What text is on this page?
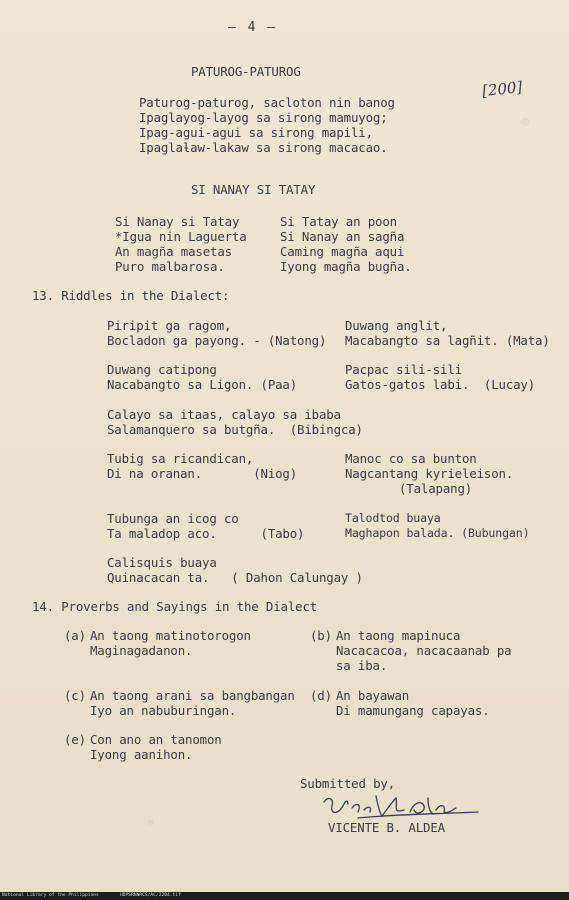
– 4 –
[200]
PATUROG-PATUROG
Paturog-paturog, sacloton nin banog
Ipaglayog-layog sa sirong mamuyog;
Ipag-agui-agui sa sirong mapili,
Ipaglaƚaw-lakaw sa sirong macacao.
SI NANAY SI TATAY
Si Nanay si Tatay
*Igua nin Laguerta
An magña masetas
Puro malbarosa.
Si Tatay an poon
Si Nanay an sagña
Caming magña aqui
Iyong magña bugña.
13. Riddles in the Dialect:
Piripit ga ragom,
Bocladon ga payong. - (Natong)
Duwang anglit,
Macabangto sa lagñit. (Mata)
Duwang catipong
Nacabangto sa Ligon. (Paa)
Pacpac sili-sili
Gatos-gatos labi.  (Lucay)
Calayo sa itaas, calayo sa ibaba
Salamanquero sa butgña.  (Bibingca)
Tubig sa ricandican,
Di na oranan.       (Niog)
Manoc co sa bunton
Nagcantang kyrieleison.
(Talapang)
Tubunga an icog co
Ta maladop aco.      (Tabo)
Talodtod buaya
Maghapon balada. (Bubungan)
Calisquis buaya
Quinacacan ta.   ( Dahon Calungay )
14. Proverbs and Sayings in the Dialect
(a) An taong matinotorogon
Maginagadanon.
(b) An taong mapinuca
Nacacacoa, nacacaanab pa
sa iba.
(c) An taong arani sa bangbangan
Iyo an nabuburingan.
(d) An bayawan
Di mamungang capayas.
(e) Con ano an tanomon
Iyong aanihon.
Submitted by,
VICENTE B. ALDEA
National Library of the Philippines	HDPSRNNRCS/AC/2204.tif
